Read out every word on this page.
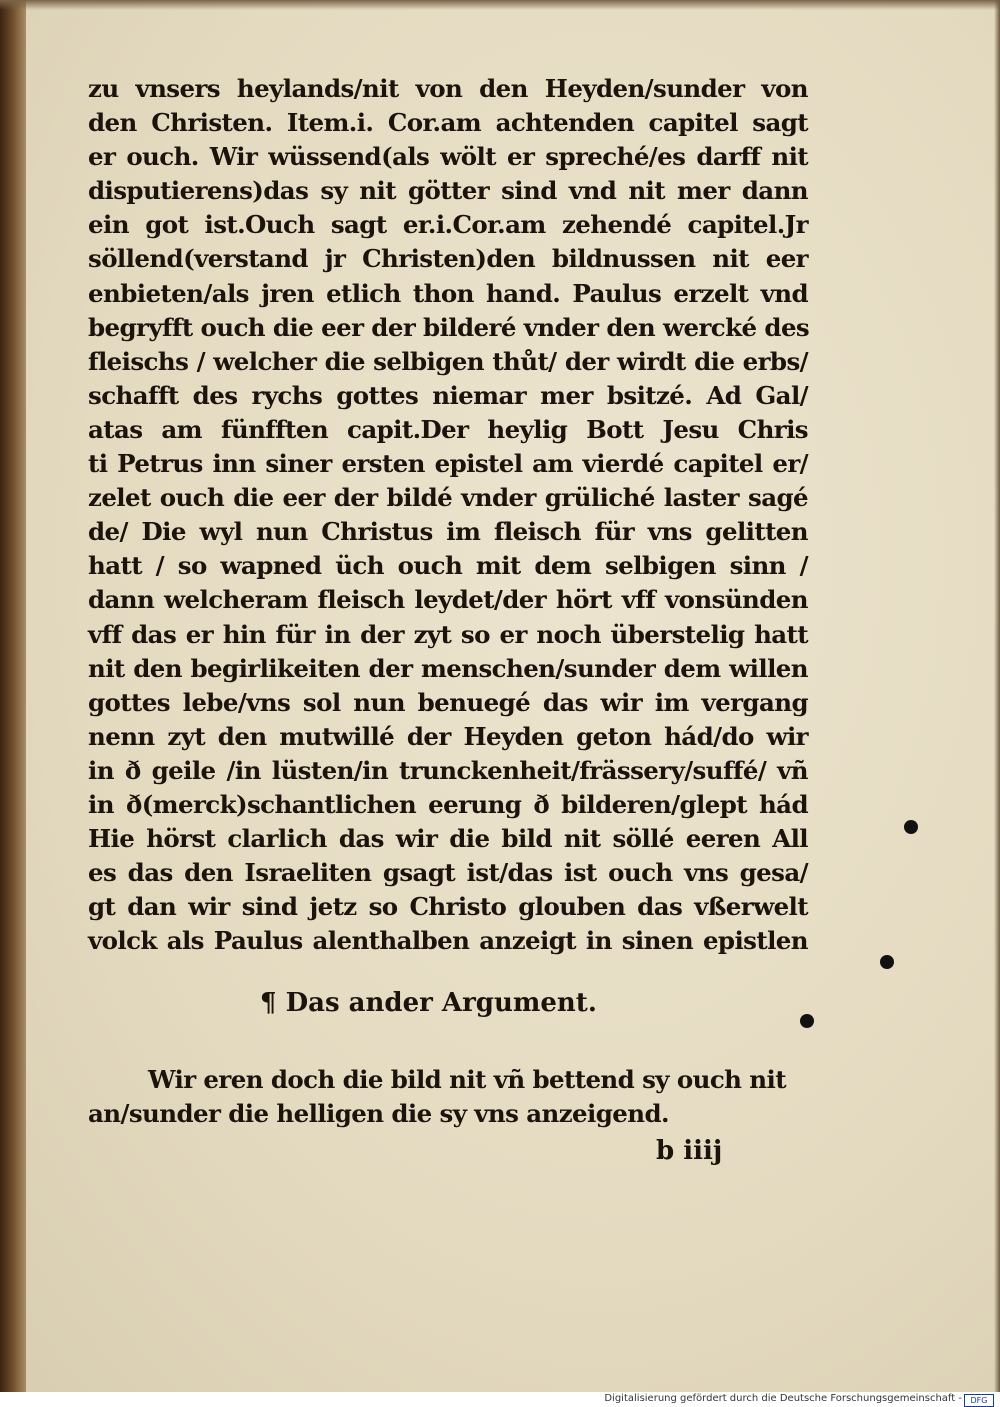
zu vnsers heylands/nit von den Heyden/sunder von
den Christen. Item.i. Cor.am achtenden capitel sagt
er ouch. Wir wüssend(als wölt er spreché/es darff nit
disputierens)das sy nit götter sind vnd nit mer dann
ein got ist.Ouch sagt er.i.Cor.am zehendé capitel.Jr
söllend(verstand jr Christen)den bildnussen nit eer
enbieten/als jren etlich thon hand. Paulus erzelt vnd
begryfft ouch die eer der bilderé vnder den wercké des
fleischs / welcher die selbigen thůt/ der wirdt die erbs/
schafft des rychs gottes niemar mer bsitzé. Ad Gal/
atas am fünfften capit.Der heylig Bott Jesu Chris
ti Petrus inn siner ersten epistel am vierdé capitel er/
zelet ouch die eer der bildé vnder grüliché laster sagé
de/ Die wyl nun Christus im fleisch für vns gelitten
hatt / so wapned üch ouch mit dem selbigen sinn /
dann welcheram fleisch leydet/der hört vff vonsünden
vff das er hin für in der zyt so er noch überstelig hatt
nit den begirlikeiten der menschen/sunder dem willen
gottes lebe/vns sol nun benuegé das wir im vergang
nenn zyt den mutwillé der Heyden geton hád/do wir
in ð geile /in lüsten/in trunckenheit/frässery/suffé/ vñ
in ð(merck)schantlichen eerung ð bilderen/glept hád
Hie hörst clarlich das wir die bild nit söllé eeren All
es das den Israeliten gsagt ist/das ist ouch vns gesa/
gt dan wir sind jetz so Christo glouben das vßerwelt
volck als Paulus alenthalben anzeigt in sinen epistlen
¶ Das ander Argument.
Wir eren doch die bild nit vñ bettend sy ouch nit
an/sunder die helligen die sy vns anzeigend.
b iiij
Digitalisierung gefördert durch die Deutsche Forschungsgemeinschaft -	DFG
